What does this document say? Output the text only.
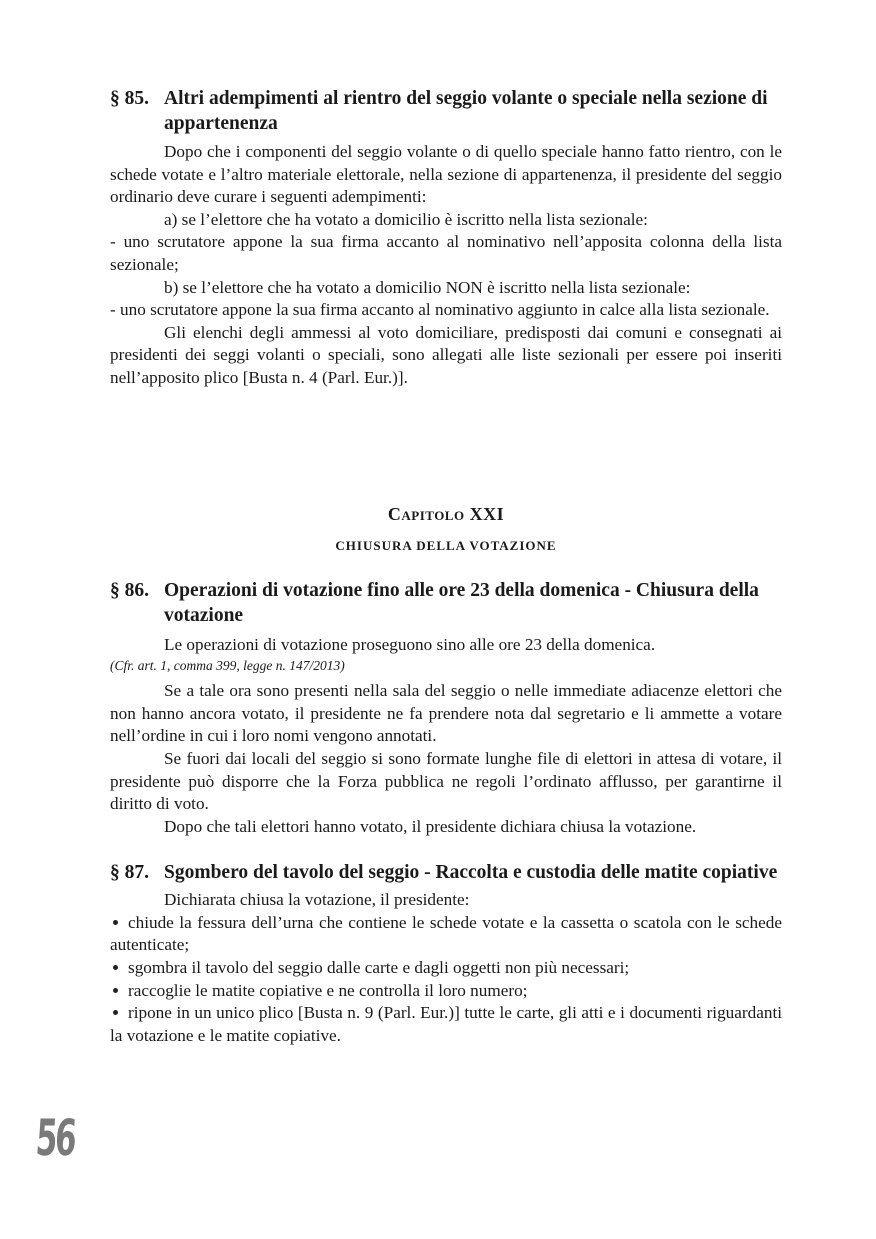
§ 85. Altri adempimenti al rientro del seggio volante o speciale nella sezione di appartenenza

Dopo che i componenti del seggio volante o di quello speciale hanno fatto rientro, con le schede votate e l’altro materiale elettorale, nella sezione di appartenenza, il presidente del seggio ordinario deve curare i seguenti adempimenti:

a) se l’elettore che ha votato a domicilio è iscritto nella lista sezionale:

- uno scrutatore appone la sua firma accanto al nominativo nell’apposita colonna della lista sezionale;

b) se l’elettore che ha votato a domicilio NON è iscritto nella lista sezionale:

- uno scrutatore appone la sua firma accanto al nominativo aggiunto in calce alla lista sezionale.

Gli elenchi degli ammessi al voto domiciliare, predisposti dai comuni e consegnati ai presidenti dei seggi volanti o speciali, sono allegati alle liste sezionali per essere poi inseriti nell’apposito plico [Busta n. 4 (Parl. Eur.)].

Capitolo XXI
CHIUSURA DELLA VOTAZIONE
§ 86. Operazioni di votazione fino alle ore 23 della domenica - Chiusura della votazione

Le operazioni di votazione proseguono sino alle ore 23 della domenica.

(Cfr. art. 1, comma 399, legge n. 147/2013)

Se a tale ora sono presenti nella sala del seggio o nelle immediate adiacenze elettori che non hanno ancora votato, il presidente ne fa prendere nota dal segretario e li ammette a votare nell’ordine in cui i loro nomi vengono annotati.

Se fuori dai locali del seggio si sono formate lunghe file di elettori in attesa di votare, il presidente può disporre che la Forza pubblica ne regoli l’ordinato afflusso, per garantirne il diritto di voto.

Dopo che tali elettori hanno votato, il presidente dichiara chiusa la votazione.

§ 87. Sgombero del tavolo del seggio - Raccolta e custodia delle matite copiative

Dichiarata chiusa la votazione, il presidente:

chiude la fessura dell’urna che contiene le schede votate e la cassetta o scatola con le schede autenticate;

sgombra il tavolo del seggio dalle carte e dagli oggetti non più necessari;

raccoglie le matite copiative e ne controlla il loro numero;

ripone in un unico plico [Busta n. 9 (Parl. Eur.)] tutte le carte, gli atti e i documenti riguardanti la votazione e le matite copiative.

56
